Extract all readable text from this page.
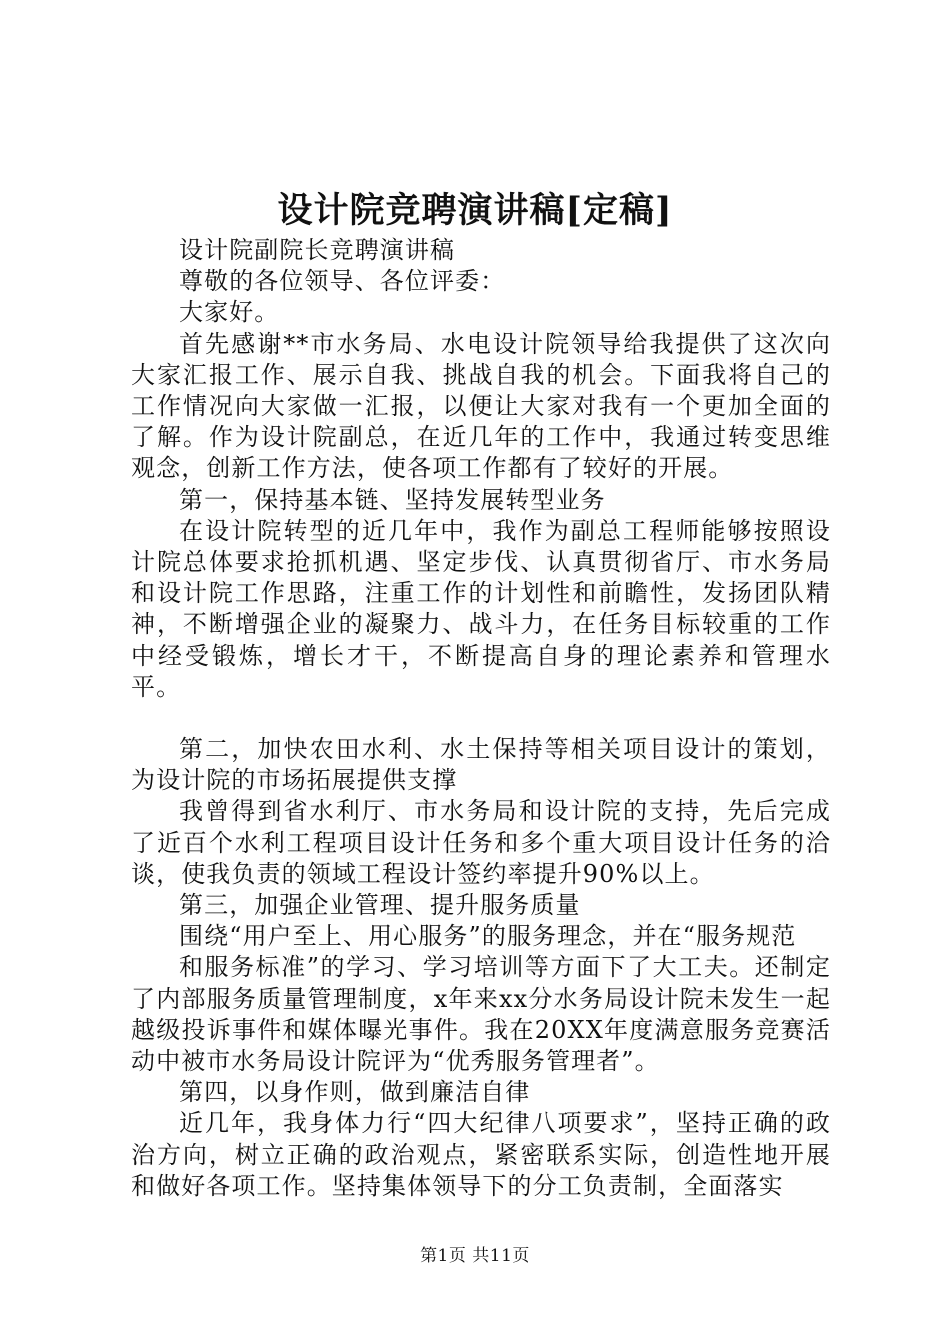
设计院竞聘演讲稿[定稿]

设计院副院长竞聘演讲稿

尊敬的各位领导、各位评委：

大家好。

首先感谢**市水务局、水电设计院领导给我提供了这次向大家汇报工作、展示自我、挑战自我的机会。下面我将自己的工作情况向大家做一汇报，以便让大家对我有一个更加全面的了解。作为设计院副总，在近几年的工作中，我通过转变思维观念，创新工作方法，使各项工作都有了较好的开展。

第一，保持基本链、坚持发展转型业务

在设计院转型的近几年中，我作为副总工程师能够按照设计院总体要求抢抓机遇、坚定步伐、认真贯彻省厅、市水务局和设计院工作思路，注重工作的计划性和前瞻性，发扬团队精神，不断增强企业的凝聚力、战斗力，在任务目标较重的工作中经受锻炼，增长才干，不断提高自身的理论素养和管理水平。

第二，加快农田水利、水土保持等相关项目设计的策划，为设计院的市场拓展提供支撑

我曾得到省水利厅、市水务局和设计院的支持，先后完成了近百个水利工程项目设计任务和多个重大项目设计任务的洽谈，使我负责的领域工程设计签约率提升90%以上。

第三，加强企业管理、提升服务质量

围绕“用户至上、用心服务”的服务理念，并在“服务规范

和服务标准”的学习、学习培训等方面下了大工夫。还制定了内部服务质量管理制度，x年来xx分水务局设计院未发生一起越级投诉事件和媒体曝光事件。我在20XX年度满意服务竞赛活动中被市水务局设计院评为“优秀服务管理者”。

第四，以身作则，做到廉洁自律

近几年，我身体力行“四大纪律八项要求”，坚持正确的政治方向，树立正确的政治观点，紧密联系实际，创造性地开展和做好各项工作。坚持集体领导下的分工负责制，全面落实

第1页 共11页
